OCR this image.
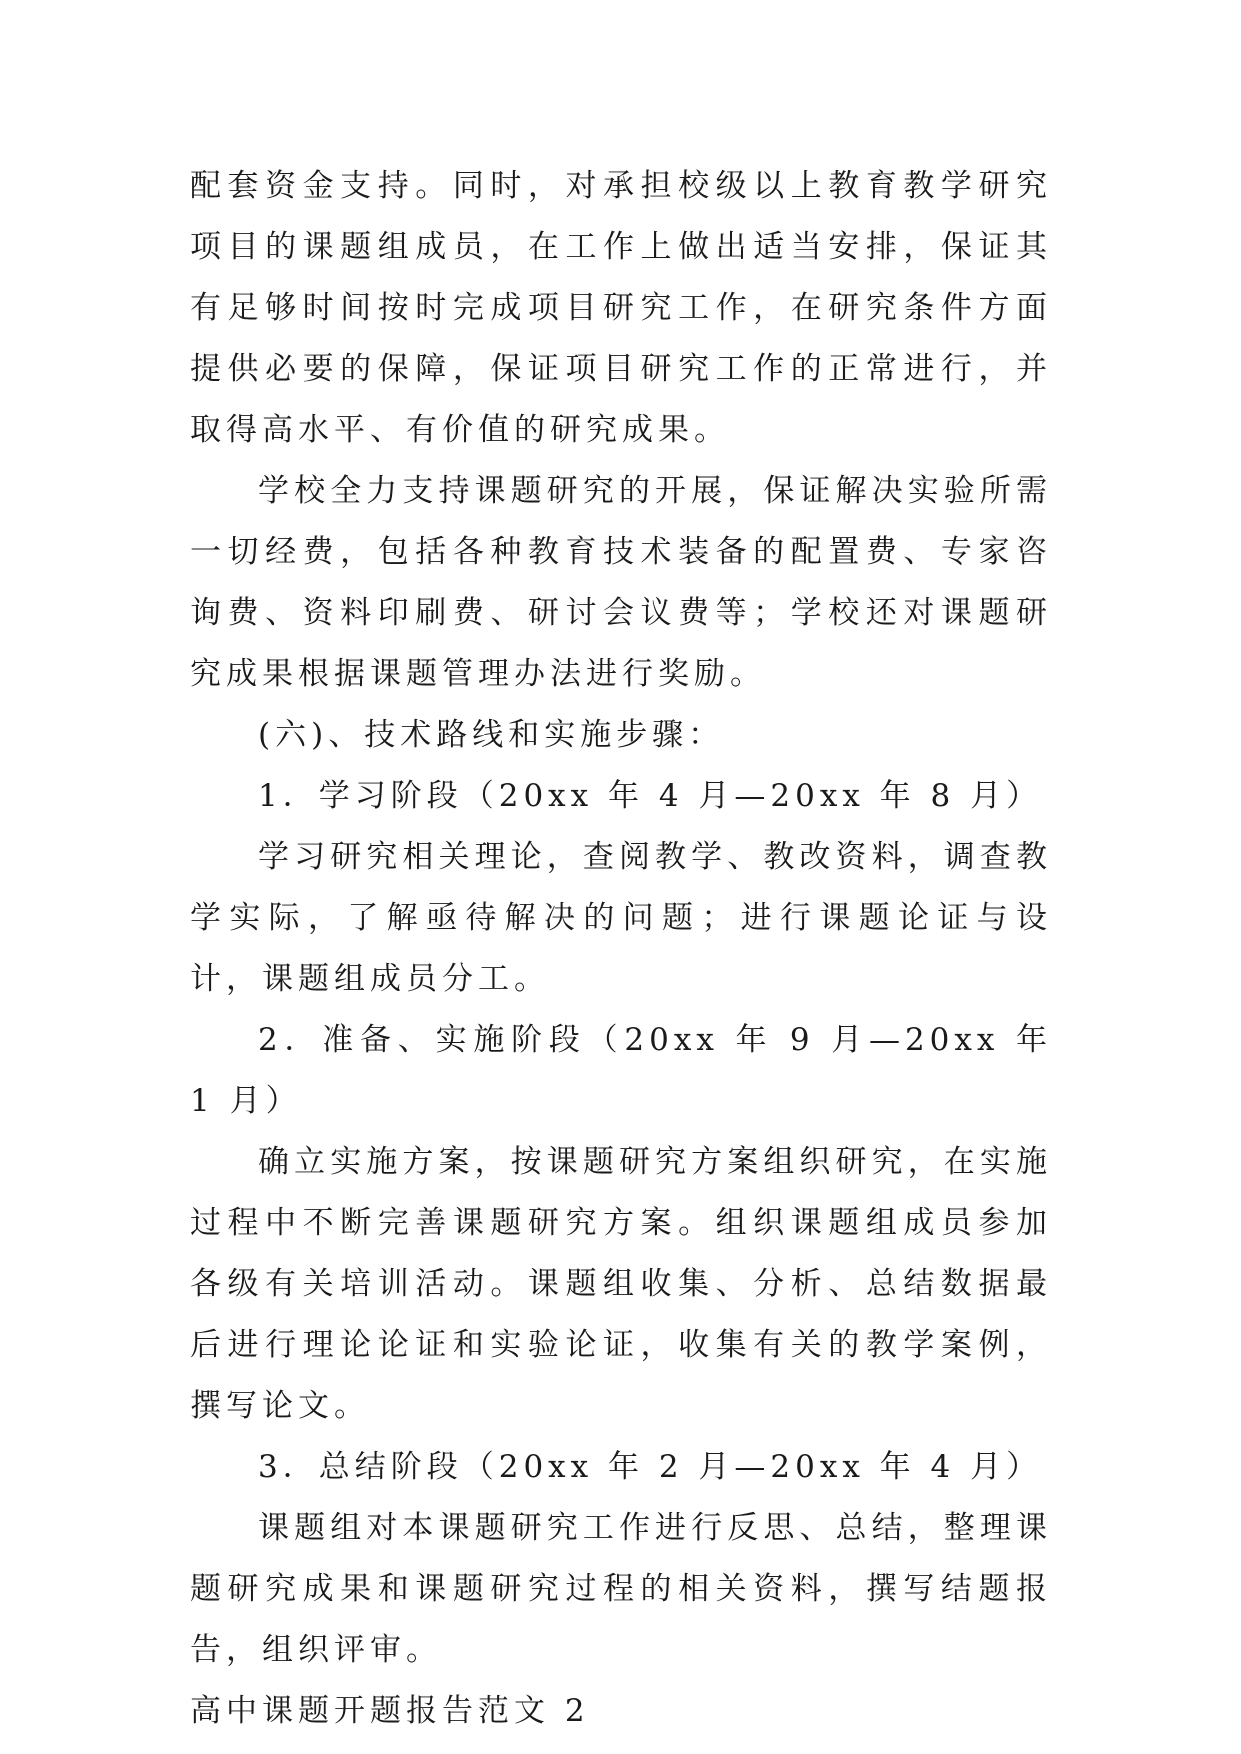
配套资金支持。同时，对承担校级以上教育教学研究项目的课题组成员，在工作上做出适当安排，保证其有足够时间按时完成项目研究工作，在研究条件方面提供必要的保障，保证项目研究工作的正常进行，并取得高水平、有价值的研究成果。

学校全力支持课题研究的开展，保证解决实验所需一切经费，包括各种教育技术装备的配置费、专家咨询费、资料印刷费、研讨会议费等；学校还对课题研究成果根据课题管理办法进行奖励。

(六)、技术路线和实施步骤：

1．学习阶段（20xx 年 4 月—20xx 年 8 月）

学习研究相关理论，查阅教学、教改资料，调查教学实际，了解亟待解决的问题；进行课题论证与设计，课题组成员分工。

2．准备、实施阶段（20xx 年 9 月—20xx 年 1 月）

确立实施方案，按课题研究方案组织研究，在实施过程中不断完善课题研究方案。组织课题组成员参加各级有关培训活动。课题组收集、分析、总结数据最后进行理论论证和实验论证，收集有关的教学案例，撰写论文。

3．总结阶段（20xx 年 2 月—20xx 年 4 月）

课题组对本课题研究工作进行反思、总结，整理课题研究成果和课题研究过程的相关资料，撰写结题报告，组织评审。

高中课题开题报告范文 2
